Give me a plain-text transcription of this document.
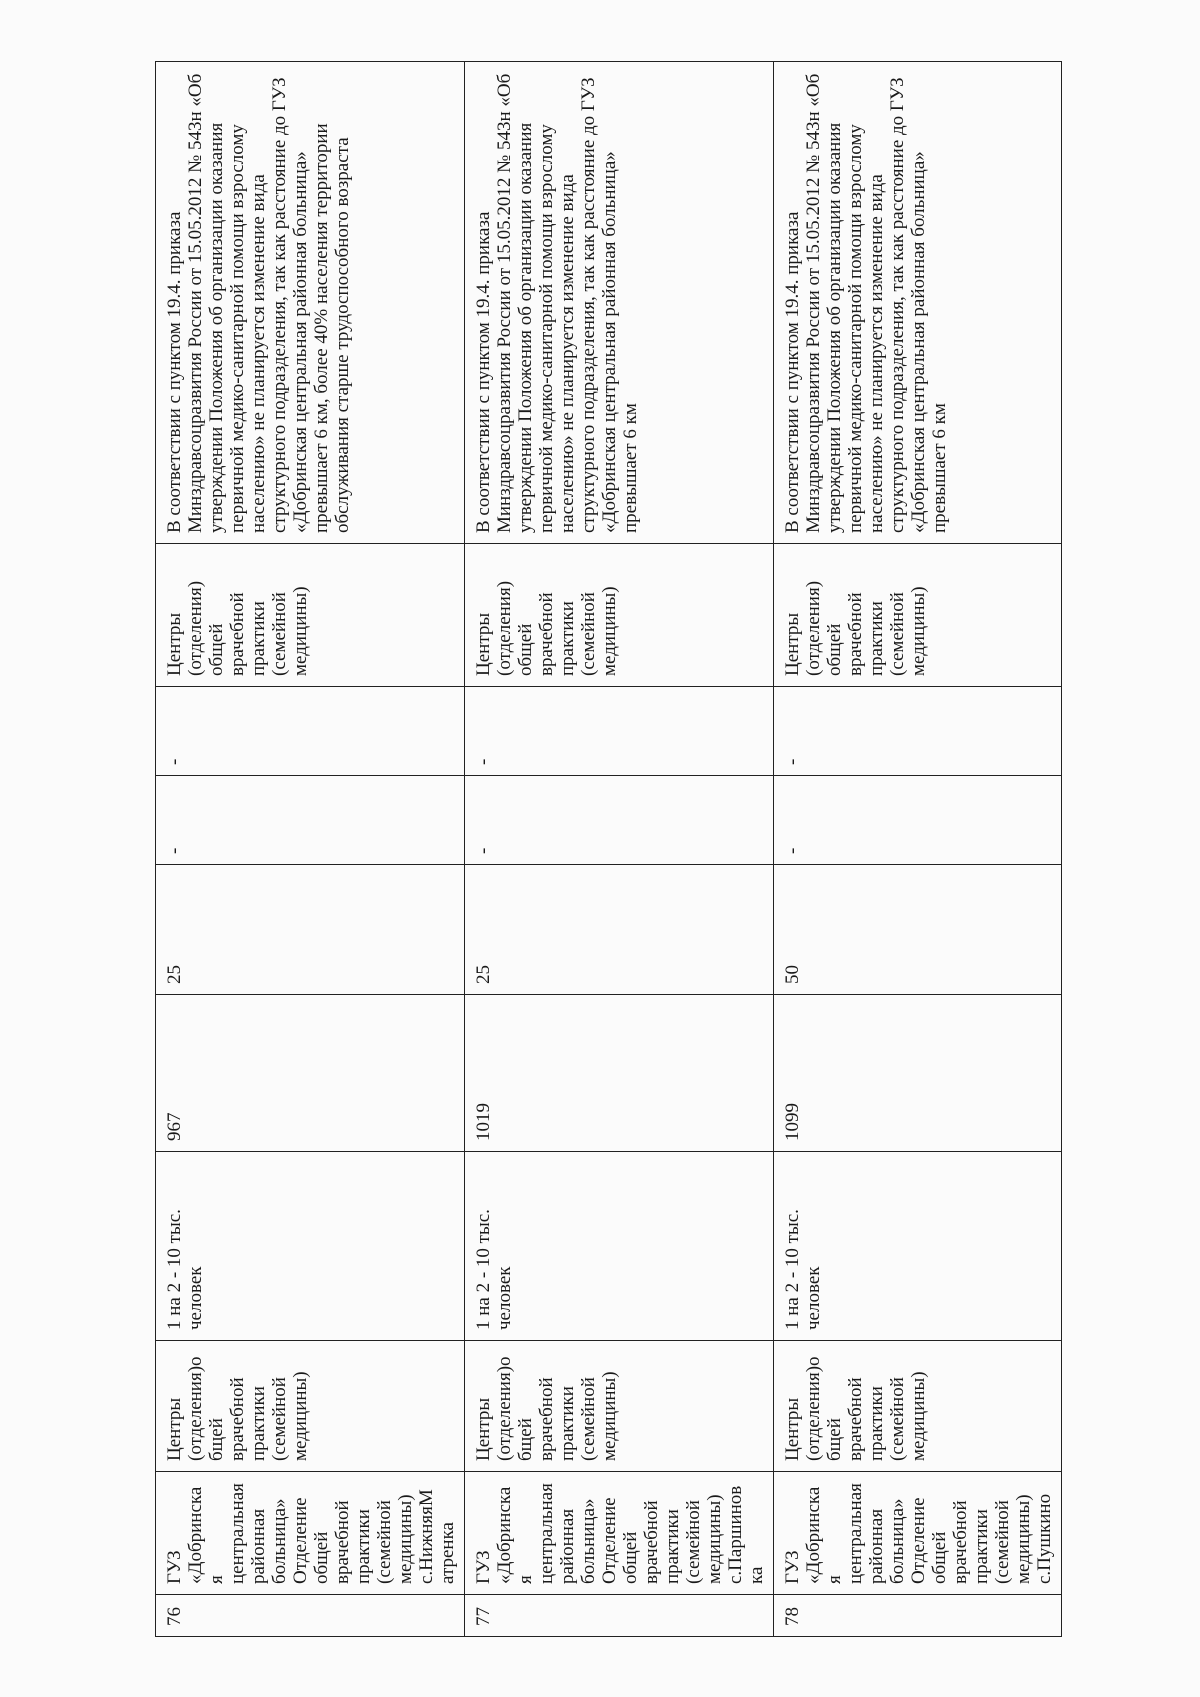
76	ГУЗ «Добринская центральная районная больница» Отделение общей врачебной практики (семейной медицины) с.НижняяМатренка	Центры (отделения)общей врачебной практики (семейной медицины)	1 на 2 - 10 тыс. человек	967	25	-	-	Центры (отделения) общей врачебной практики (семейной медицины)	В соответствии с пунктом 19.4. приказа Минздравсоцразвития России от 15.05.2012 № 543н «Об утверждении Положения об организации оказания первичной медико-санитарной помощи взрослому населению» не планируется изменение вида структурного подразделения, так как расстояние до ГУЗ «Добринская центральная районная больница» превышает 6 км, более 40% населения территории обслуживания старше трудоспособного возраста
77	ГУЗ «Добринская центральная районная больница» Отделение общей врачебной практики (семейной медицины) с.Паршиновка	Центры (отделения)общей врачебной практики (семейной медицины)	1 на 2 - 10 тыс. человек	1019	25	-	-	Центры (отделения) общей врачебной практики (семейной медицины)	В соответствии с пунктом 19.4. приказа Минздравсоцразвития России от 15.05.2012 № 543н «Об утверждении Положения об организации оказания первичной медико-санитарной помощи взрослому населению» не планируется изменение вида структурного подразделения, так как расстояние до ГУЗ «Добринская центральная районная больница» превышает 6 км
78	ГУЗ «Добринская центральная районная больница» Отделение общей врачебной практики (семейной медицины) с.Пушкино	Центры (отделения)общей врачебной практики (семейной медицины)	1 на 2 - 10 тыс. человек	1099	50	-	-	Центры (отделения) общей врачебной практики (семейной медицины)	В соответствии с пунктом 19.4. приказа Минздравсоцразвития России от 15.05.2012 № 543н «Об утверждении Положения об организации оказания первичной медико-санитарной помощи взрослому населению» не планируется изменение вида структурного подразделения, так как расстояние до ГУЗ «Добринская центральная районная больница» превышает 6 км
